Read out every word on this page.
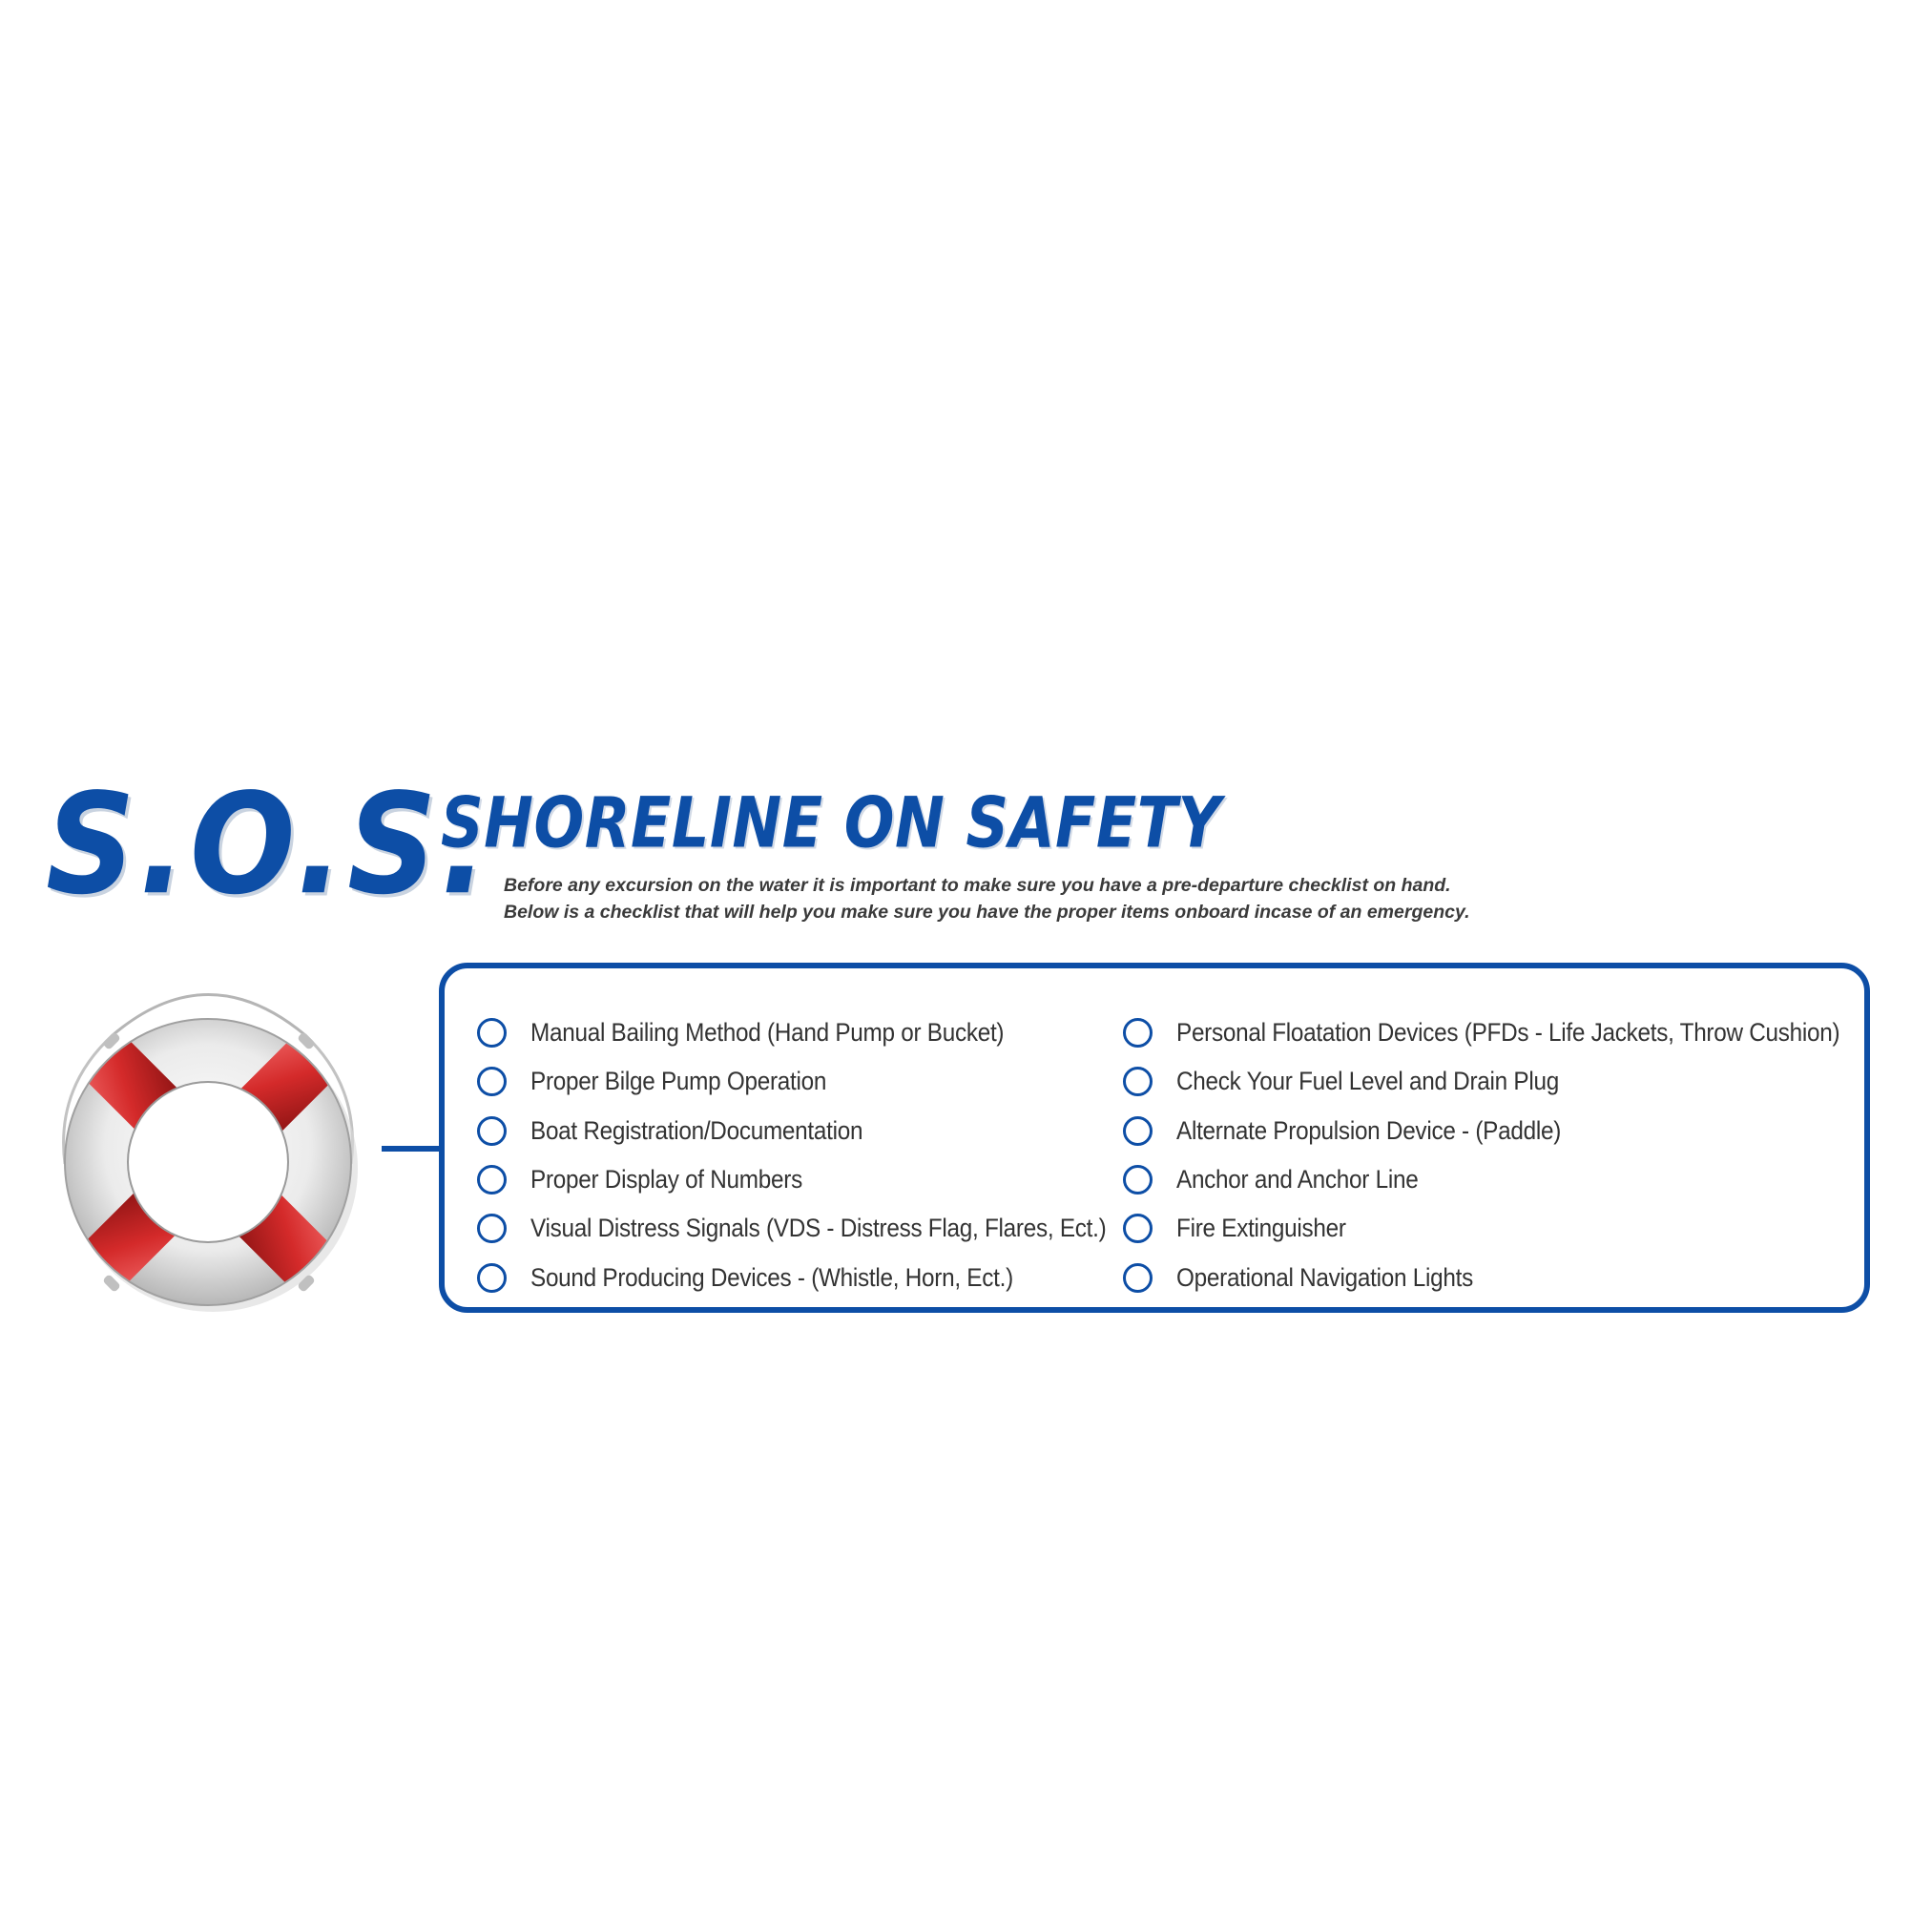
S.O.S.
SHORELINE ON SAFETY
Before any excursion on the water it is important to make sure you have a pre-departure checklist on hand.
Below is a checklist that will help you make sure you have the proper items onboard incase of an emergency.
Manual Bailing Method (Hand Pump or Bucket)
Proper Bilge Pump Operation
Boat Registration/Documentation
Proper Display of Numbers
Visual Distress Signals (VDS - Distress Flag, Flares, Ect.)
Sound Producing Devices - (Whistle, Horn, Ect.)
Personal Floatation Devices (PFDs - Life Jackets, Throw Cushion)
Check Your Fuel Level and Drain Plug
Alternate Propulsion Device - (Paddle)
Anchor and Anchor Line
Fire Extinguisher
Operational Navigation Lights
